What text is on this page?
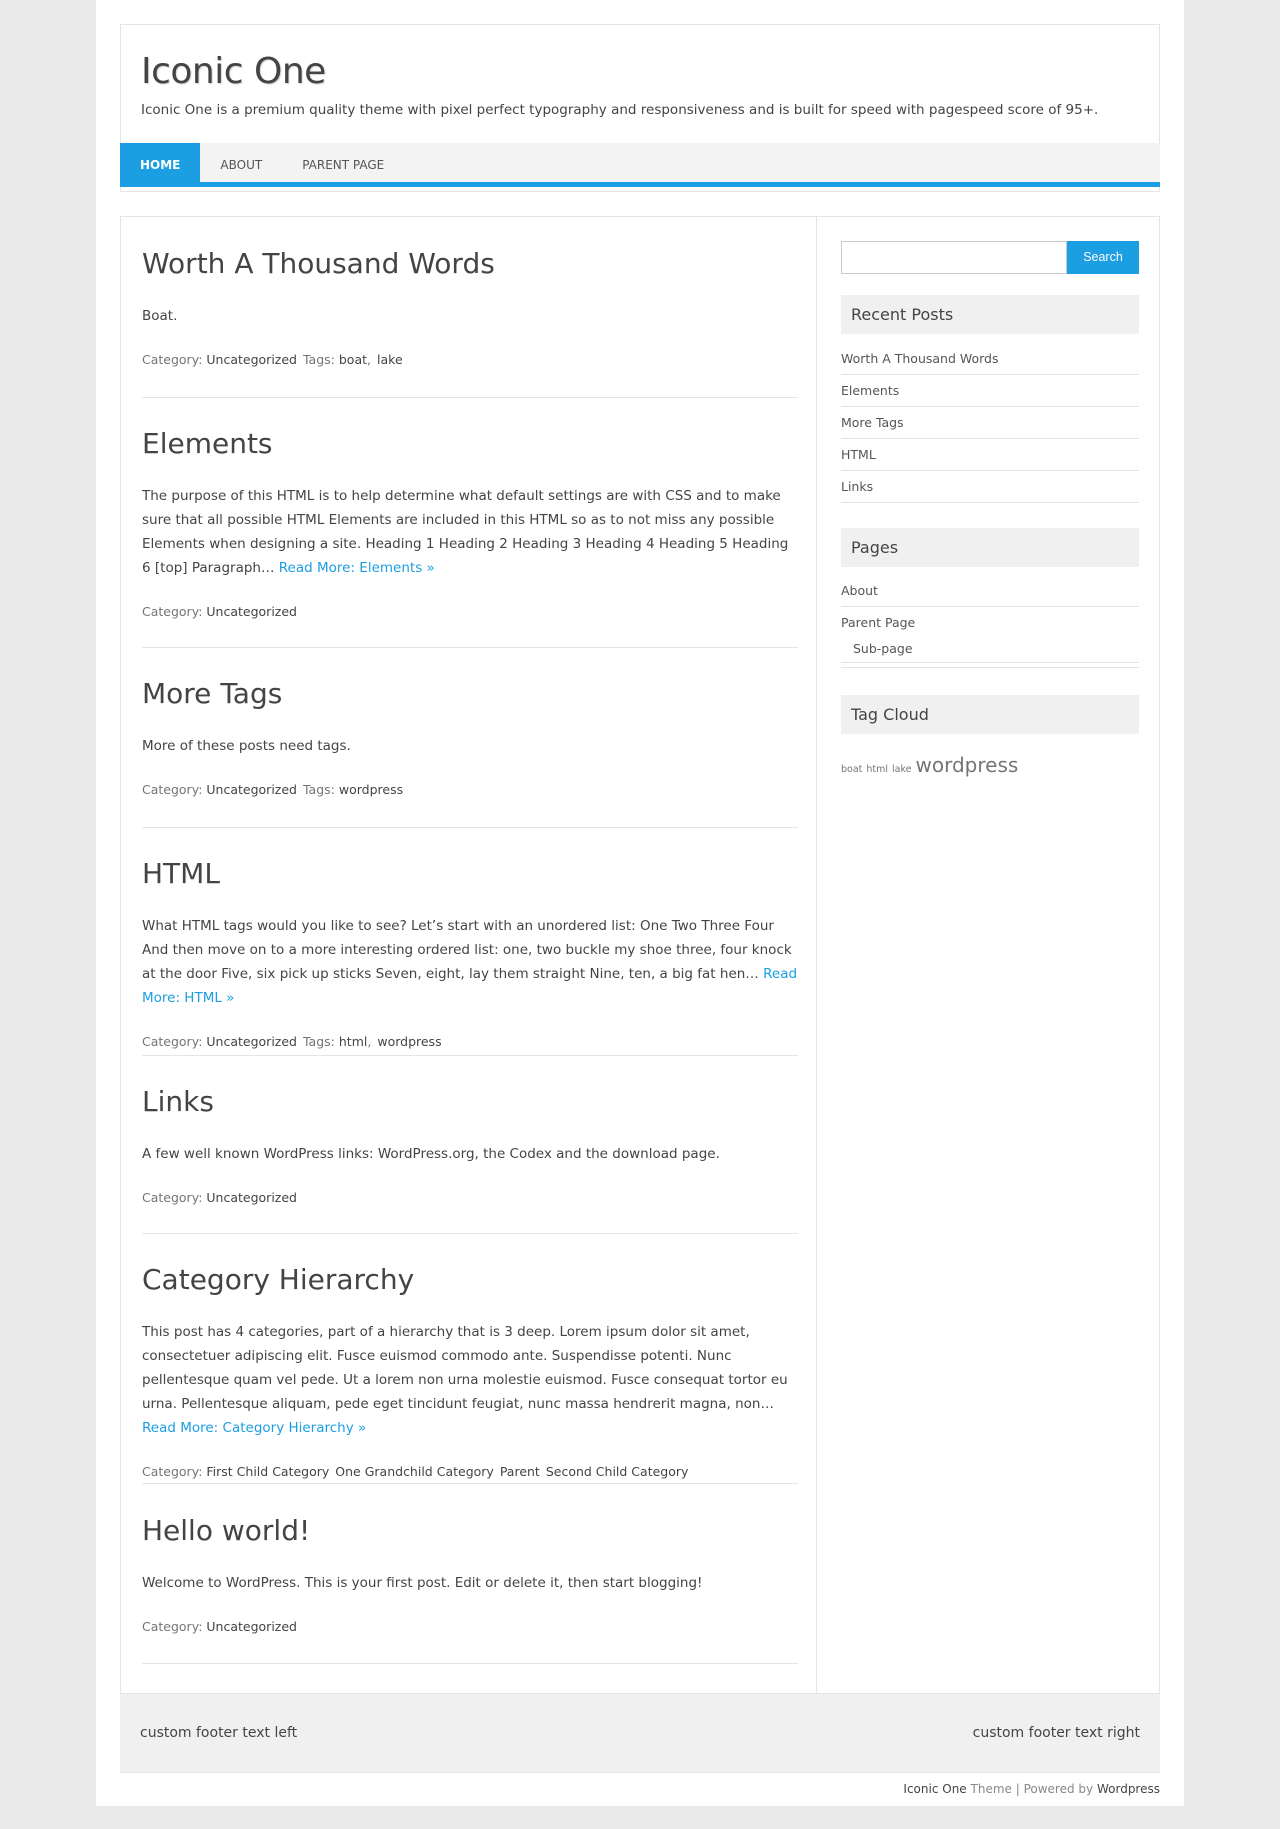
Iconic One
Iconic One is a premium quality theme with pixel perfect typography and responsiveness and is built for speed with pagespeed score of 95+.
HOME	ABOUT	PARENT PAGE
Worth A Thousand Words
Boat.
Category: Uncategorized Tags: boat, lake
Elements
The purpose of this HTML is to help determine what default settings are with CSS and to make sure that all possible HTML Elements are included in this HTML so as to not miss any possible Elements when designing a site. Heading 1 Heading 2 Heading 3 Heading 4 Heading 5 Heading 6 [top] Paragraph… Read More: Elements »
Category: Uncategorized
More Tags
More of these posts need tags.
Category: Uncategorized Tags: wordpress
HTML
What HTML tags would you like to see? Let’s start with an unordered list: One Two Three Four And then move on to a more interesting ordered list: one, two buckle my shoe three, four knock at the door Five, six pick up sticks Seven, eight, lay them straight Nine, ten, a big fat hen… Read More: HTML »
Category: Uncategorized Tags: html, wordpress
Links
A few well known WordPress links: WordPress.org, the Codex and the download page.
Category: Uncategorized
Category Hierarchy
This post has 4 categories, part of a hierarchy that is 3 deep. Lorem ipsum dolor sit amet, consectetuer adipiscing elit. Fusce euismod commodo ante. Suspendisse potenti. Nunc pellentesque quam vel pede. Ut a lorem non urna molestie euismod. Fusce consequat tortor eu urna. Pellentesque aliquam, pede eget tincidunt feugiat, nunc massa hendrerit magna, non… Read More: Category Hierarchy »
Category: First Child Category One Grandchild Category Parent Second Child Category
Hello world!
Welcome to WordPress. This is your first post. Edit or delete it, then start blogging!
Category: Uncategorized
Search
Recent Posts
Worth A Thousand Words
Elements
More Tags
HTML
Links
Pages
About
Parent Page
Sub-page
Tag Cloud
boat html lake wordpress
custom footer text left	custom footer text right
Iconic One Theme | Powered by Wordpress
